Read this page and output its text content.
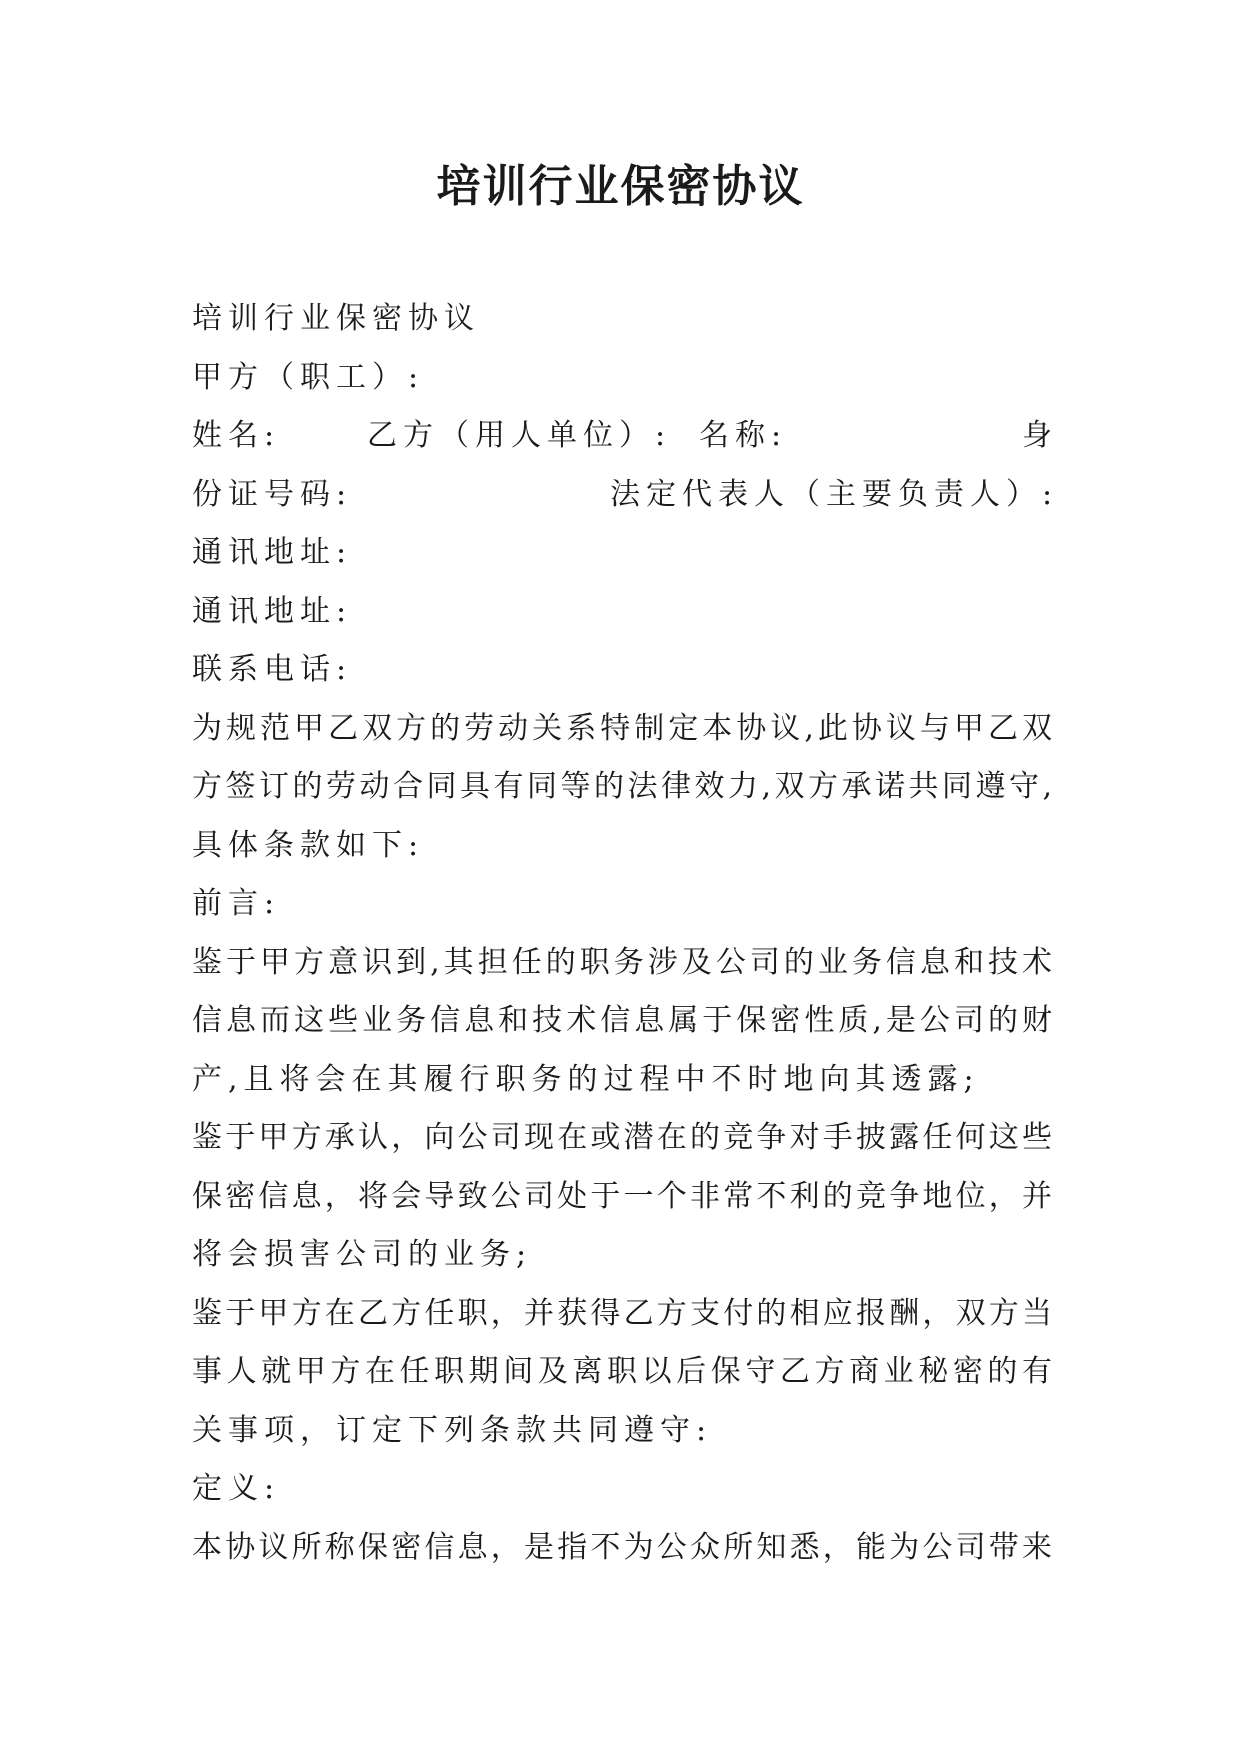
培训行业保密协议
培训行业保密协议
甲方（职工）:
姓名:	乙方（用人单位）: 名称:	身
份证号码:	法定代表人（主要负责人）:
通讯地址:
通讯地址:
联系电话:
为规范甲乙双方的劳动关系特制定本协议,此协议与甲乙双
方签订的劳动合同具有同等的法律效力,双方承诺共同遵守,
具体条款如下:
前言:
鉴于甲方意识到,其担任的职务涉及公司的业务信息和技术
信息而这些业务信息和技术信息属于保密性质,是公司的财
产,且将会在其履行职务的过程中不时地向其透露;
鉴于甲方承认，向公司现在或潜在的竞争对手披露任何这些
保密信息，将会导致公司处于一个非常不利的竞争地位，并
将会损害公司的业务;
鉴于甲方在乙方任职，并获得乙方支付的相应报酬，双方当
事人就甲方在任职期间及离职以后保守乙方商业秘密的有
关事项，订定下列条款共同遵守:
定义:
本协议所称保密信息，是指不为公众所知悉，能为公司带来
